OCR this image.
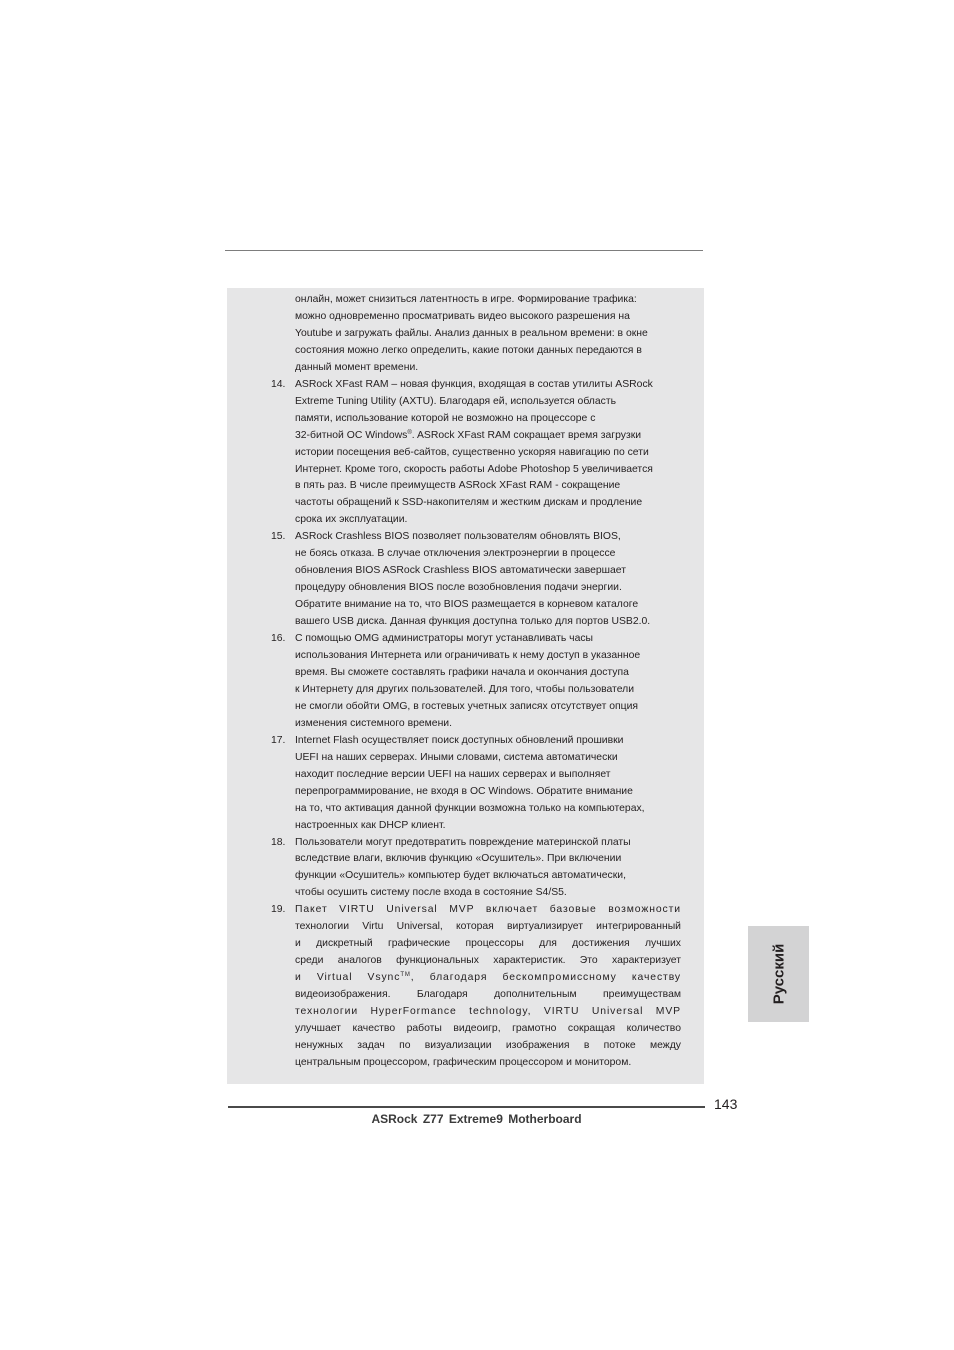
онлайн, может снизиться латентность в игре. Формирование трафика:
можно одновременно просматривать видео высокого разрешения на
Youtube и загружать файлы. Анализ данных в реальном времени: в окне
состояния можно легко определить, какие потоки данных передаются в
данный момент времени.
14. ASRock XFast RAM – новая функция, входящая в состав утилиты ASRock
Extreme Tuning Utility (AXTU). Благодаря ей, используется область
памяти, использование которой не возможно на процессоре с
32-битной ОС Windows®. ASRock XFast RAM сокращает время загрузки
истории посещения веб-сайтов, существенно ускоряя навигацию по сети
Интернет. Кроме того, скорость работы Adobe Photoshop 5 увеличивается
в пять раз. В числе преимуществ ASRock XFast RAM - сокращение
частоты обращений к SSD-накопителям и жестким дискам и продление
срока их эксплуатации.
15. ASRock Crashless BIOS позволяет пользователям обновлять BIOS,
не боясь отказа. В случае отключения электроэнергии в процессе
обновления BIOS ASRock Crashless BIOS автоматически завершает
процедуру обновления BIOS после возобновления подачи энергии.
Обратите внимание на то, что BIOS размещается в корневом каталоге
вашего USB диска. Данная функция доступна только для портов USB2.0.
16. С помощью OMG администраторы могут устанавливать часы
использования Интернета или ограничивать к нему доступ в указанное
время. Вы сможете составлять графики начала и окончания доступа
к Интернету для других пользователей. Для того, чтобы пользователи
не смогли обойти OMG, в гостевых учетных записях отсутствует опция
изменения системного времени.
17. Internet Flash осуществляет поиск доступных обновлений прошивки
UEFI на наших серверах. Иными словами, система автоматически
находит последние версии UEFI на наших серверах и выполняет
перепрограммирование, не входя в ОС Windows. Обратите внимание
на то, что активация данной функции возможна только на компьютерах,
настроенных как DHCP клиент.
18. Пользователи могут предотвратить повреждение материнской платы
вследствие влаги, включив функцию «Осушитель». При включении
функции «Осушитель» компьютер будет включаться автоматически,
чтобы осушить систему после входа в состояние S4/S5.
19. Пакет VIRTU Universal MVP включает базовые возможности
технологии Virtu Universal, которая виртуализирует интегрированный
и дискретный графические процессоры для достижения лучших
среди аналогов функциональных характеристик. Это характеризует
и Virtual Vsync™, благодаря бескомпромиссному качеству
видеоизображения. Благодаря дополнительным преимуществам
технологии HyperFormance technology, VIRTU Universal MVP
улучшает качество работы видеоигр, грамотно сокращая количество
ненужных задач по визуализации изображения в потоке между
центральным процессором, графическим процессором и монитором.
Русский
143
ASRock Z77 Extreme9 Motherboard
